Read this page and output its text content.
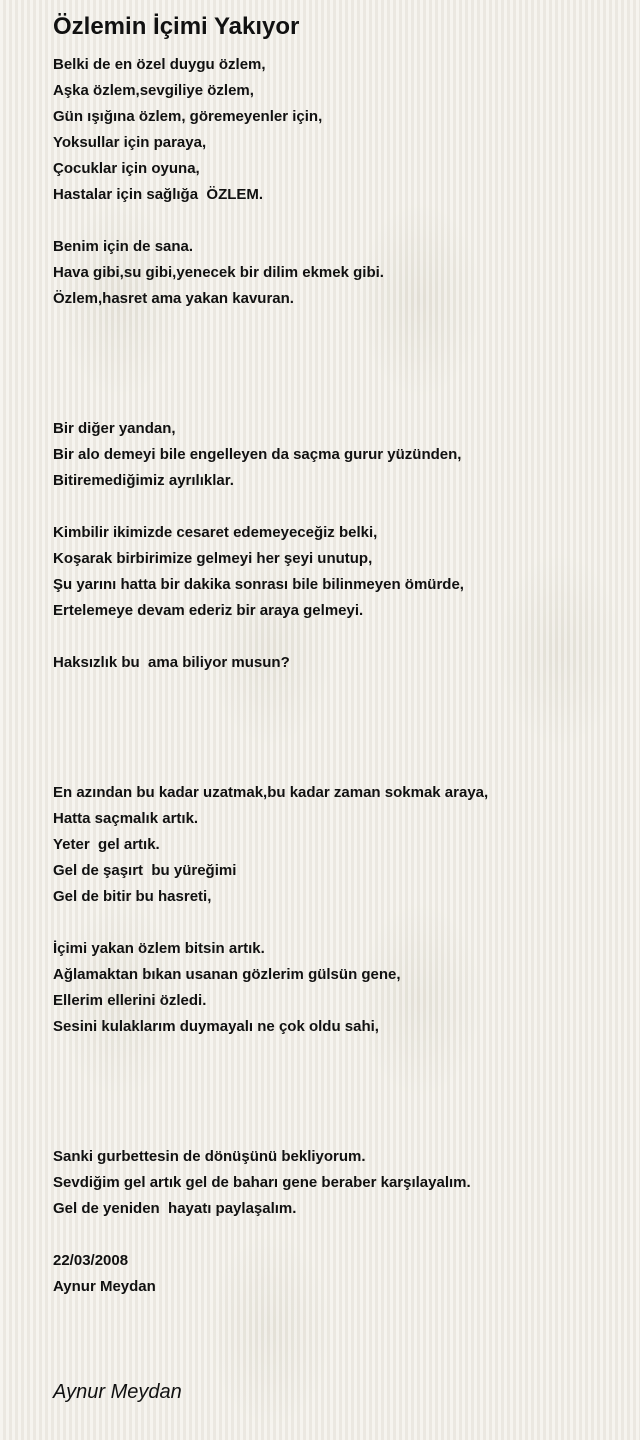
Özlemin İçimi Yakıyor
Belki de en özel duygu özlem,
Aşka özlem,sevgiliye özlem,
Gün ışığına özlem, göremeyenler için,
Yoksullar için paraya,
Çocuklar için oyuna,
Hastalar için sağlığa  ÖZLEM.
Benim için de sana.
Hava gibi,su gibi,yenecek bir dilim ekmek gibi.
Özlem,hasret ama yakan kavuran.
Bir diğer yandan,
Bir alo demeyi bile engelleyen da saçma gurur yüzünden,
Bitiremediğimiz ayrılıklar.
Kimbilir ikimizde cesaret edemeyeceğiz belki,
Koşarak birbirimize gelmeyi her şeyi unutup,
Şu yarını hatta bir dakika sonrası bile bilinmeyen ömürde,
Ertelemeye devam ederiz bir araya gelmeyi.
Haksızlık bu  ama biliyor musun?
En azından bu kadar uzatmak,bu kadar zaman sokmak araya,
Hatta saçmalık artık.
Yeter  gel artık.
Gel de şaşırt  bu yüreğimi
Gel de bitir bu hasreti,
İçimi yakan özlem bitsin artık.
Ağlamaktan bıkan usanan gözlerim gülsün gene,
Ellerim ellerini özledi.
Sesini kulaklarım duymayalı ne çok oldu sahi,
Sanki gurbettesin de dönüşünü bekliyorum.
Sevdiğim gel artık gel de baharı gene beraber karşılayalım.
Gel de yeniden  hayatı paylaşalım.
22/03/2008
Aynur Meydan
Aynur Meydan
